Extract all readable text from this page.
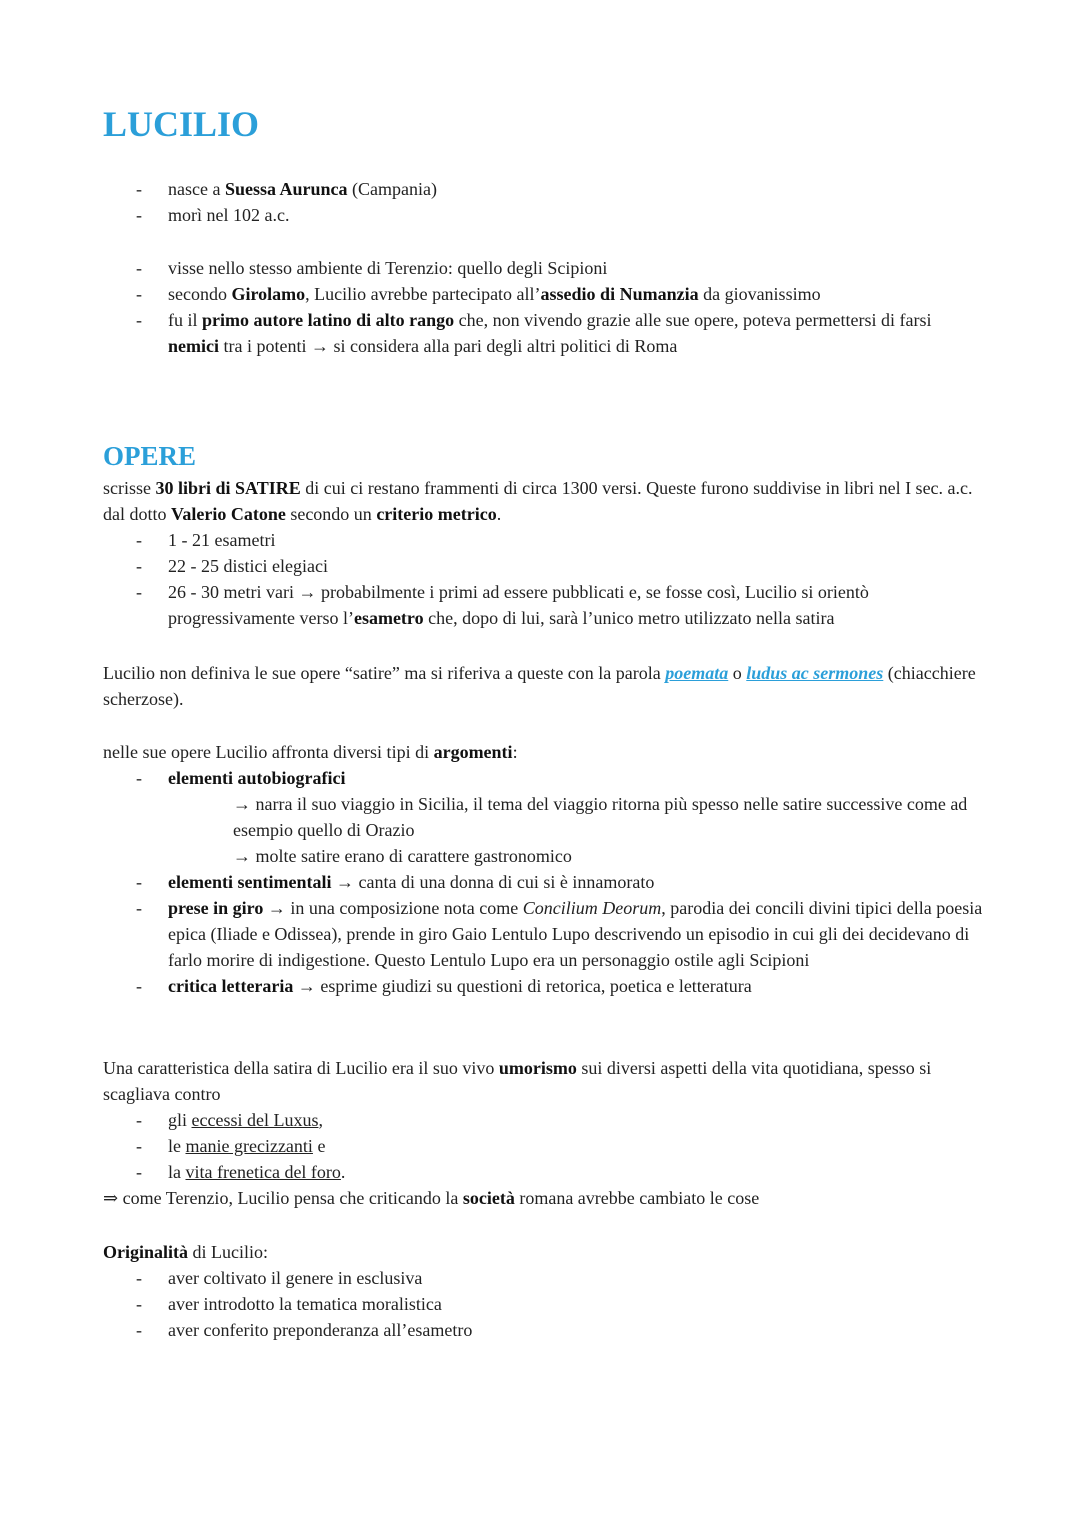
LUCILIO
- nasce a Suessa Aurunca (Campania)
- morì nel 102 a.c.
- visse nello stesso ambiente di Terenzio: quello degli Scipioni
- secondo Girolamo, Lucilio avrebbe partecipato all’assedio di Numanzia da giovanissimo
- fu il primo autore latino di alto rango che, non vivendo grazie alle sue opere, poteva permettersi di farsi nemici tra i potenti → si considera alla pari degli altri politici di Roma
OPERE

scrisse 30 libri di SATIRE di cui ci restano frammenti di circa 1300 versi. Queste furono suddivise in libri nel I sec. a.c. dal dotto Valerio Catone secondo un criterio metrico.

- 1 - 21 esametri
- 22 - 25 distici elegiaci
- 26 - 30 metri vari → probabilmente i primi ad essere pubblicati e, se fosse così, Lucilio si orientò progressivamente verso l’esametro che, dopo di lui, sarà l’unico metro utilizzato nella satira

Lucilio non definiva le sue opere “satire” ma si riferiva a queste con la parola poemata o ludus ac sermones (chiacchiere scherzose).

nelle sue opere Lucilio affronta diversi tipi di argomenti:

- elementi autobiografici

→ narra il suo viaggio in Sicilia, il tema del viaggio ritorna più spesso nelle satire successive come ad esempio quello di Orazio

→ molte satire erano di carattere gastronomico

- elementi sentimentali → canta di una donna di cui si è innamorato
- prese in giro → in una composizione nota come Concilium Deorum, parodia dei concili divini tipici della poesia epica (Iliade e Odissea), prende in giro Gaio Lentulo Lupo descrivendo un episodio in cui gli dei decidevano di farlo morire di indigestione. Questo Lentulo Lupo era un personaggio ostile agli Scipioni
- critica letteraria → esprime giudizi su questioni di retorica, poetica e letteratura

Una caratteristica della satira di Lucilio era il suo vivo umorismo sui diversi aspetti della vita quotidiana, spesso si scagliava contro

- gli eccessi del Luxus,
- le manie grecizzanti e
- la vita frenetica del foro.

⇒ come Terenzio, Lucilio pensa che criticando la società romana avrebbe cambiato le cose

Originalità di Lucilio:

- aver coltivato il genere in esclusiva
- aver introdotto la tematica moralistica
- aver conferito preponderanza all’esametro
